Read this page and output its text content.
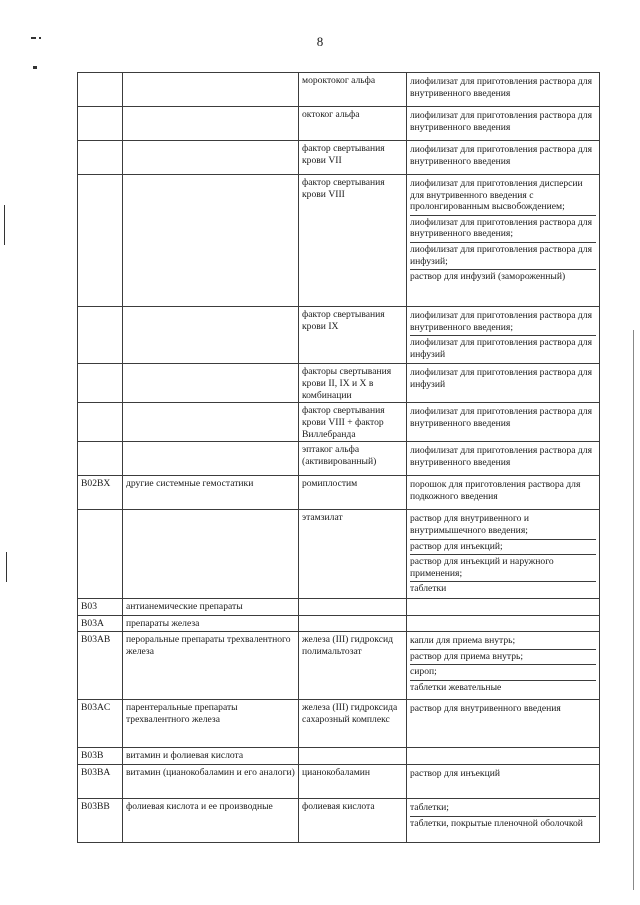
8
		мороктоког альфа	лиофилизат для приготовления раствора для внутривенного введения

		октоког альфа	лиофилизат для приготовления раствора для внутривенного введения

		фактор свертывания крови VII	лиофилизат для приготовления раствора для внутривенного введения

		фактор свертывания крови VIII	лиофилизат для приготовления дисперсии для внутривенного введения с пролонгированным высвобождением;
лиофилизат для приготовления раствора для внутривенного введения;
лиофилизат для приготовления раствора для инфузий;
раствор для инфузий (замороженный)

		фактор свертывания крови IX	лиофилизат для приготовления раствора для внутривенного введения;
лиофилизат для приготовления раствора для инфузий

		факторы свертывания крови II, IX и X в комбинации	лиофилизат для приготовления раствора для инфузий

		фактор свертывания крови VIII + фактор Виллебранда	лиофилизат для приготовления раствора для внутривенного введения

		эптаког альфа (активированный)	лиофилизат для приготовления раствора для внутривенного введения

B02BX	другие системные гемостатики	ромиплостим	порошок для приготовления раствора для подкожного введения

		этамзилат	раствор для внутривенного и внутримышечного введения;
раствор для инъекций;
раствор для инъекций и наружного применения;
таблетки

B03	антианемические препараты		

B03A	препараты железа		

B03AB	пероральные препараты трехвалентного железа	железа (III) гидроксид полимальтозат	капли для приема внутрь;
раствор для приема внутрь;
сироп;
таблетки жевательные

B03AC	парентеральные препараты трехвалентного железа	железа (III) гидроксида сахарозный комплекс	раствор для внутривенного введения

B03B	витамин и фолиевая кислота		

B03BA	витамин (цианокобаламин и его аналоги)	цианокобаламин	раствор для инъекций

B03BB	фолиевая кислота и ее производные	фолиевая кислота	таблетки;
таблетки, покрытые пленочной оболочкой
